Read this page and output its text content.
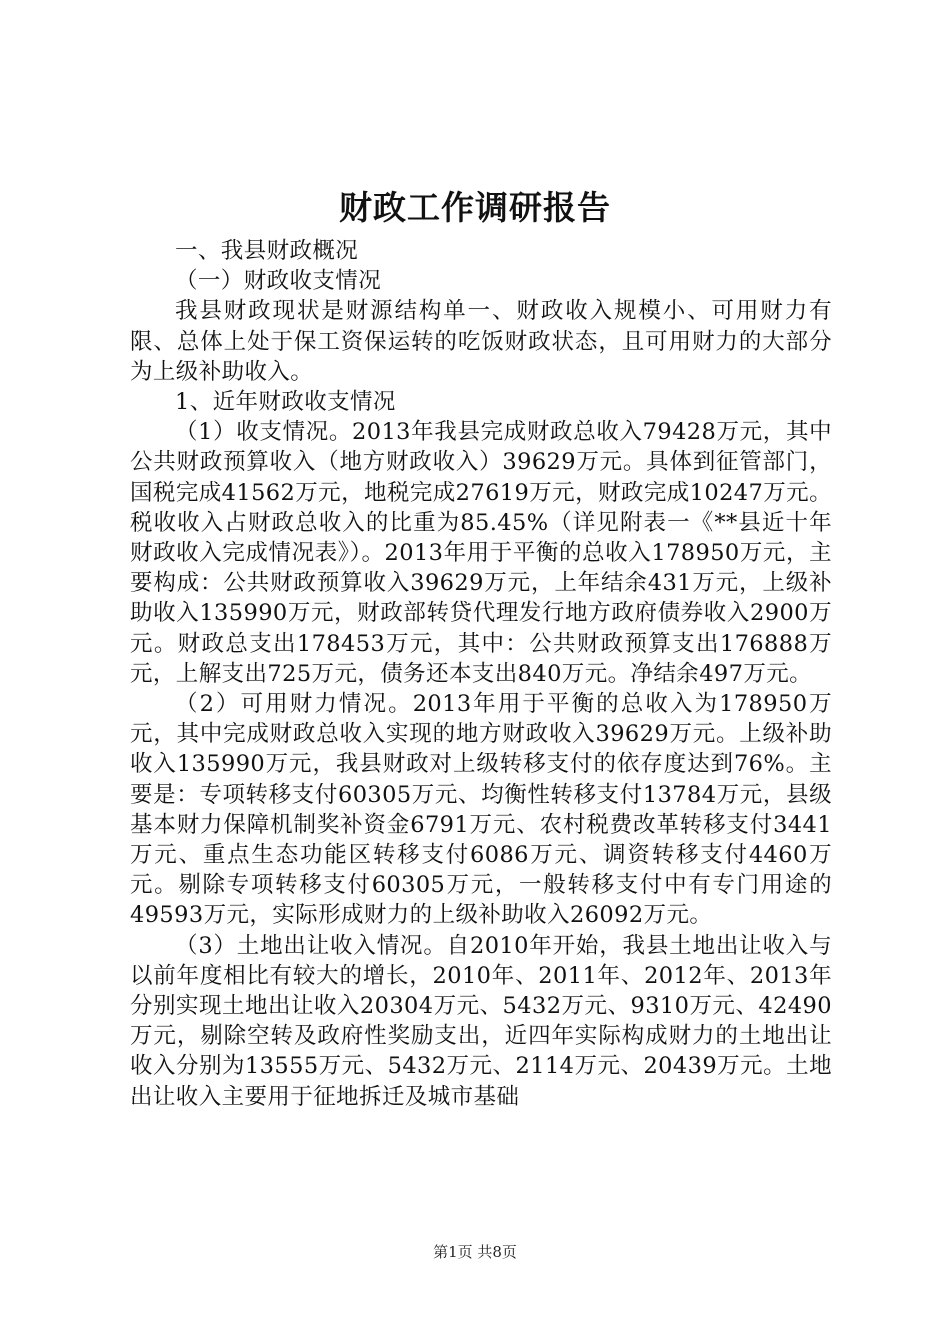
财政工作调研报告

一、我县财政概况

（一）财政收支情况

我县财政现状是财源结构单一、财政收入规模小、可用财力有限、总体上处于保工资保运转的吃饭财政状态，且可用财力的大部分为上级补助收入。

1、近年财政收支情况

（1）收支情况。2013年我县完成财政总收入79428万元，其中公共财政预算收入（地方财政收入）39629万元。具体到征管部门，国税完成41562万元，地税完成27619万元，财政完成10247万元。税收收入占财政总收入的比重为85.45%（详见附表一《**县近十年财政收入完成情况表》）。2013年用于平衡的总收入178950万元，主要构成：公共财政预算收入39629万元，上年结余431万元，上级补助收入135990万元，财政部转贷代理发行地方政府债券收入2900万元。财政总支出178453万元，其中：公共财政预算支出176888万元，上解支出725万元，债务还本支出840万元。净结余497万元。

（2）可用财力情况。2013年用于平衡的总收入为178950万元，其中完成财政总收入实现的地方财政收入39629万元。上级补助收入135990万元，我县财政对上级转移支付的依存度达到76%。主要是：专项转移支付60305万元、均衡性转移支付13784万元，县级基本财力保障机制奖补资金6791万元、农村税费改革转移支付3441万元、重点生态功能区转移支付6086万元、调资转移支付4460万元。剔除专项转移支付60305万元，一般转移支付中有专门用途的49593万元，实际形成财力的上级补助收入26092万元。

（3）土地出让收入情况。自2010年开始，我县土地出让收入与以前年度相比有较大的增长，2010年、2011年、2012年、2013年分别实现土地出让收入20304万元、5432万元、9310万元、42490万元，剔除空转及政府性奖励支出，近四年实际构成财力的土地出让收入分别为13555万元、5432万元、2114万元、20439万元。土地出让收入主要用于征地拆迁及城市基础

第1页 共8页
